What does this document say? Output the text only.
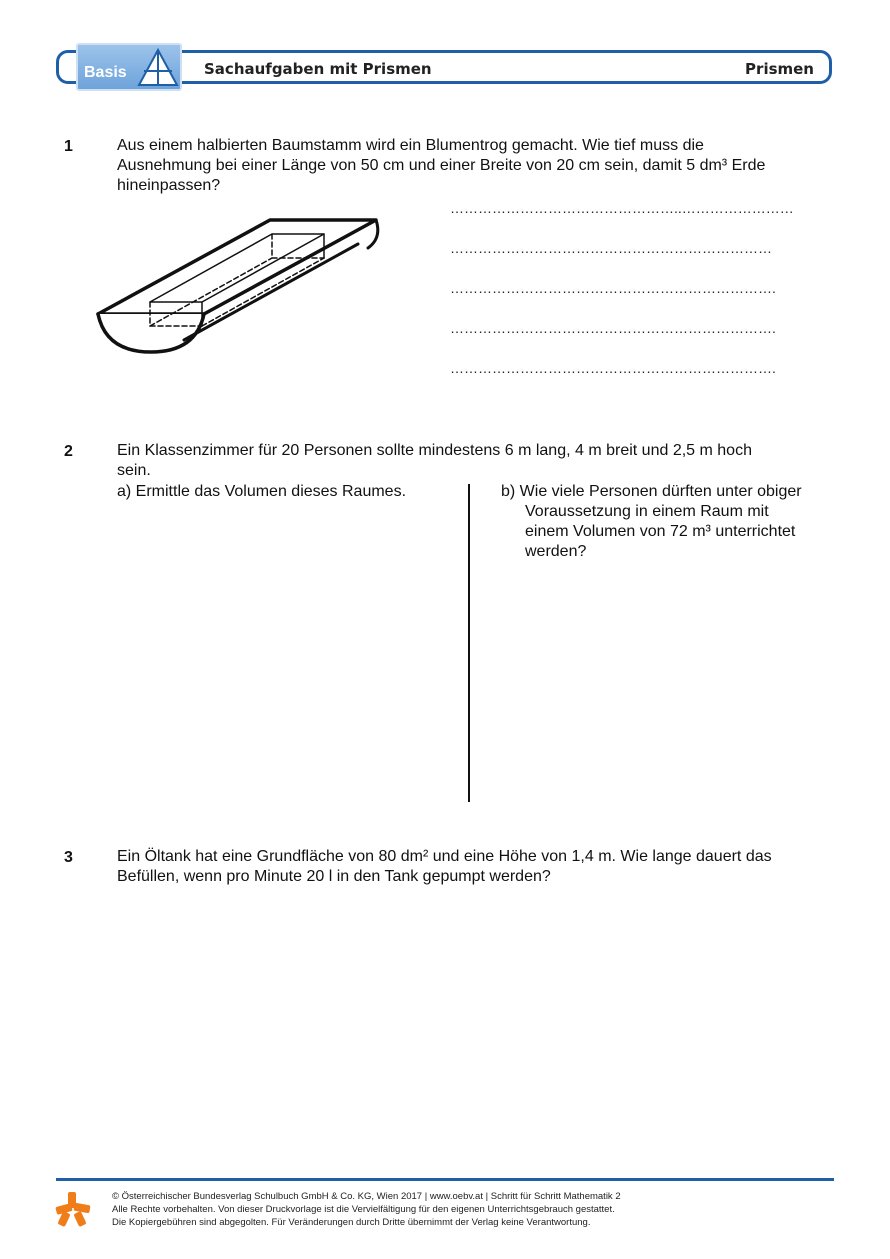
Basis	Sachaufgaben mit Prismen	Prismen
1	Aus einem halbierten Baumstamm wird ein Blumentrog gemacht. Wie tief muss die
Ausnehmung bei einer Länge von 50 cm und einer Breite von 20 cm sein, damit 5 dm³ Erde
hineinpassen?
…………………………………………..……………………
……………………………………………………………
…………………………………………………………….
…………………………………………………………….
…………………………………………………………….
2	Ein Klassenzimmer für 20 Personen sollte mindestens 6 m lang, 4 m breit und 2,5 m hoch
sein.
a) Ermittle das Volumen dieses Raumes.	b) Wie viele Personen dürften unter obiger
Voraussetzung in einem Raum mit
einem Volumen von 72 m³ unterrichtet
werden?
3	Ein Öltank hat eine Grundfläche von 80 dm² und eine Höhe von 1,4 m. Wie lange dauert das
Befüllen, wenn pro Minute 20 l in den Tank gepumpt werden?
© Österreichischer Bundesverlag Schulbuch GmbH & Co. KG, Wien 2017 | www.oebv.at | Schritt für Schritt Mathematik 2
Alle Rechte vorbehalten. Von dieser Druckvorlage ist die Vervielfältigung für den eigenen Unterrichtsgebrauch gestattet.
Die Kopiergebühren sind abgegolten. Für Veränderungen durch Dritte übernimmt der Verlag keine Verantwortung.
